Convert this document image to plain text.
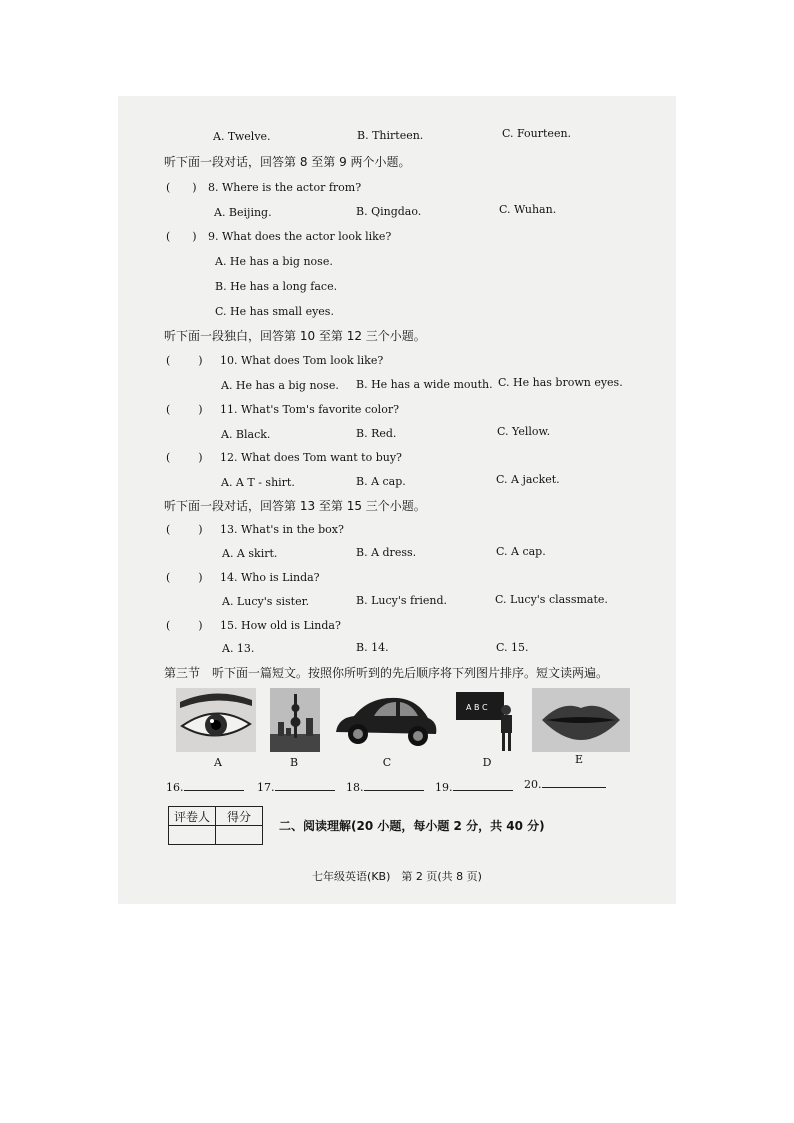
A. Twelve.	B. Thirteen.	C. Fourteen.
听下面一段对话，回答第 8 至第 9 两个小题。
( )	8. Where is the actor from?
A. Beijing.	B. Qingdao.	C. Wuhan.
( )	9. What does the actor look like?
A. He has a big nose.
B. He has a long face.
C. He has small eyes.
听下面一段独白，回答第 10 至第 12 三个小题。
(	)	10. What does Tom look like?
A. He has a big nose. B. He has a wide mouth. C. He has brown eyes.
(	)	11. What's Tom's favorite color?
A. Black.	B. Red.	C. Yellow.
(	)	12. What does Tom want to buy?
A. A T - shirt.	B. A cap.	C. A jacket.
听下面一段对话，回答第 13 至第 15 三个小题。
(	)	13. What's in the box?
A. A skirt.	B. A dress.	C. A cap.
(	)	14. Who is Linda?
A. Lucy's sister.	B. Lucy's friend.	C. Lucy's classmate.
(	)	15. How old is Linda?
A. 13.	B. 14.	C. 15.
第三节　听下面一篇短文。按照你所听到的先后顺序将下列图片排序。短文读两遍。
A B C
A	B	C	D	E
16.	17.	18.	19.	20.
评卷人	得分

二、阅读理解(20 小题，每小题 2 分，共 40 分)
七年级英语(KB)　第 2 页(共 8 页)
